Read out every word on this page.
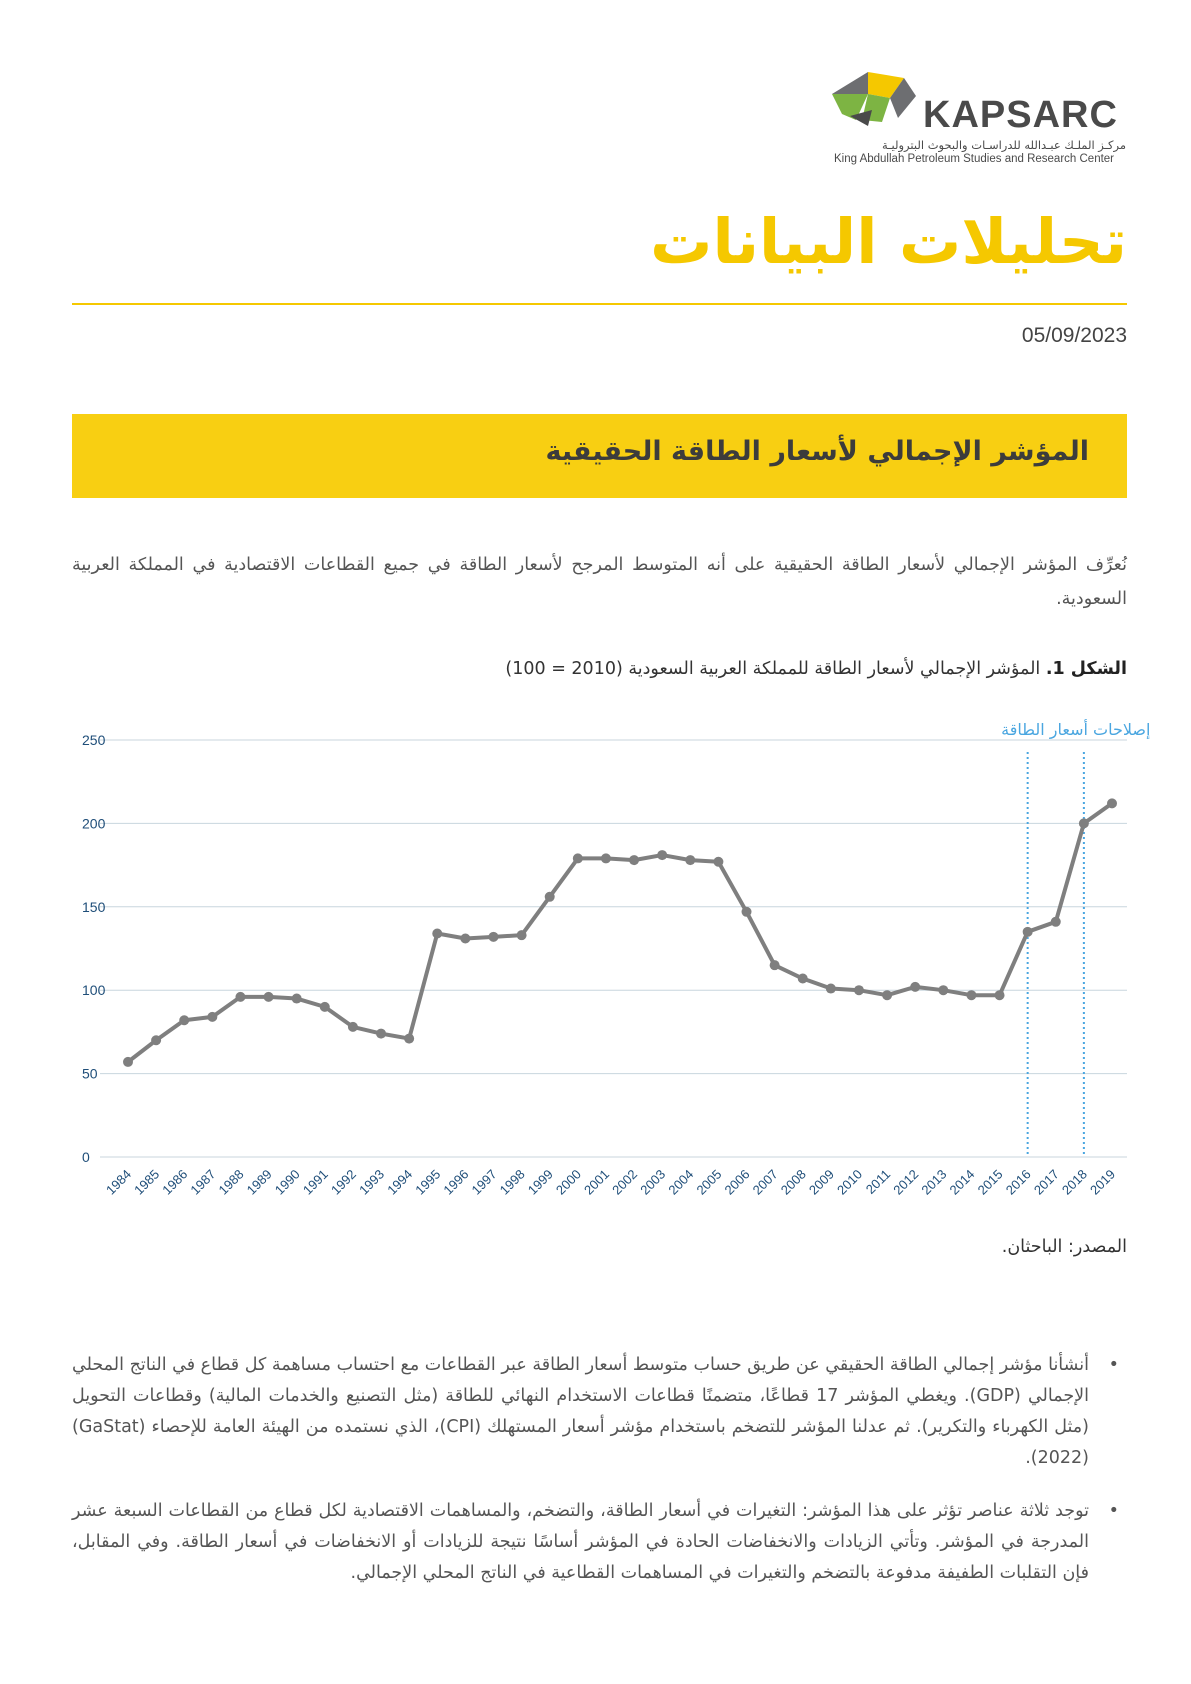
KAPSARC
مركـز الملـك عبـدالله للدراسـات والبحوث البتروليـة
King Abdullah Petroleum Studies and Research Center
تحليلات البيانات
05/09/2023
المؤشر الإجمالي لأسعار الطاقة الحقيقية

نُعرِّف المؤشر الإجمالي لأسعار الطاقة الحقيقية على أنه المتوسط المرجح لأسعار الطاقة في جميع القطاعات الاقتصادية في المملكة العربية السعودية.

الشكل 1. المؤشر الإجمالي لأسعار الطاقة للمملكة العربية السعودية (2010 = 100)
0
50
100
150
200
250
إصلاحات أسعار الطاقة
1984
1985
1986
1987
1988
1989
1990
1991
1992
1993
1994
1995
1996
1997
1998
1999
2000
2001
2002
2003
2004
2005
2006
2007
2008
2009
2010
2011
2012
2013
2014
2015
2016
2017
2018
2019
المصدر: الباحثان.
•
أنشأنا مؤشر إجمالي الطاقة الحقيقي عن طريق حساب متوسط أسعار الطاقة عبر القطاعات مع احتساب مساهمة كل قطاع في الناتج المحلي الإجمالي (GDP). ويغطي المؤشر 17 قطاعًا، متضمنًا قطاعات الاستخدام النهائي للطاقة (مثل التصنيع والخدمات المالية) وقطاعات التحويل (مثل الكهرباء والتكرير). ثم عدلنا المؤشر للتضخم باستخدام مؤشر أسعار المستهلك (CPI)، الذي نستمده من الهيئة العامة للإحصاء (GaStat) (2022).
•
توجد ثلاثة عناصر تؤثر على هذا المؤشر: التغيرات في أسعار الطاقة، والتضخم، والمساهمات الاقتصادية لكل قطاع من القطاعات السبعة عشر المدرجة في المؤشر. وتأتي الزيادات والانخفاضات الحادة في المؤشر أساسًا نتيجة للزيادات أو الانخفاضات في أسعار الطاقة. وفي المقابل، فإن التقلبات الطفيفة مدفوعة بالتضخم والتغيرات في المساهمات القطاعية في الناتج المحلي الإجمالي.
